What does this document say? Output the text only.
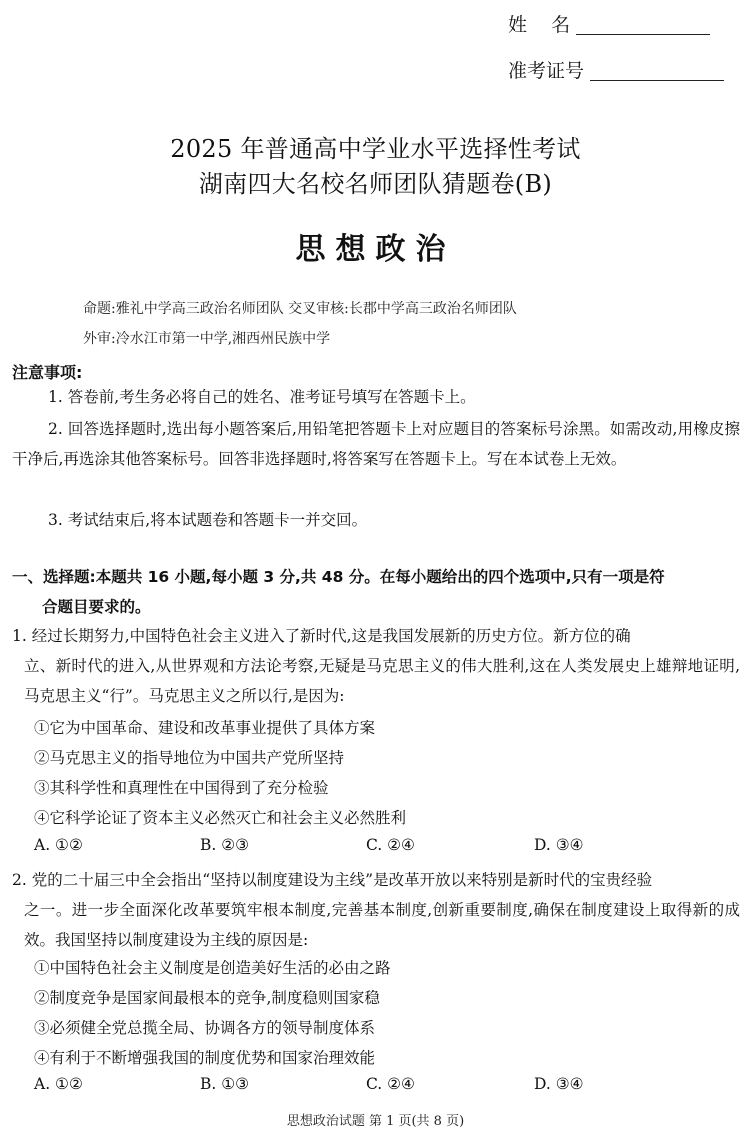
姓    名
准考证号
2025 年普通高中学业水平选择性考试
湖南四大名校名师团队猜题卷(B)
思想政治
命题:雅礼中学高三政治名师团队 交叉审核:长郡中学高三政治名师团队
外审:冷水江市第一中学,湘西州民族中学
注意事项:
1. 答卷前,考生务必将自己的姓名、准考证号填写在答题卡上。
2. 回答选择题时,选出每小题答案后,用铅笔把答题卡上对应题目的答案标号涂黑。如需改动,用橡皮擦干净后,再选涂其他答案标号。回答非选择题时,将答案写在答题卡上。写在本试卷上无效。
3. 考试结束后,将本试题卷和答题卡一并交回。
一、选择题:本题共 16 小题,每小题 3 分,共 48 分。在每小题给出的四个选项中,只有一项是符
合题目要求的。
1. 经过长期努力,中国特色社会主义进入了新时代,这是我国发展新的历史方位。新方位的确
立、新时代的进入,从世界观和方法论考察,无疑是马克思主义的伟大胜利,这在人类发展史上雄辩地证明,马克思主义“行”。马克思主义之所以行,是因为:
①它为中国革命、建设和改革事业提供了具体方案
②马克思主义的指导地位为中国共产党所坚持
③其科学性和真理性在中国得到了充分检验
④它科学论证了资本主义必然灭亡和社会主义必然胜利
A. ①②	B. ②③	C. ②④	D. ③④
2. 党的二十届三中全会指出“坚持以制度建设为主线”是改革开放以来特别是新时代的宝贵经验
之一。进一步全面深化改革要筑牢根本制度,完善基本制度,创新重要制度,确保在制度建设上取得新的成效。我国坚持以制度建设为主线的原因是:
①中国特色社会主义制度是创造美好生活的必由之路
②制度竞争是国家间最根本的竞争,制度稳则国家稳
③必须健全党总揽全局、协调各方的领导制度体系
④有利于不断增强我国的制度优势和国家治理效能
A. ①②	B. ①③	C. ②④	D. ③④
思想政治试题 第 1 页(共 8 页)
